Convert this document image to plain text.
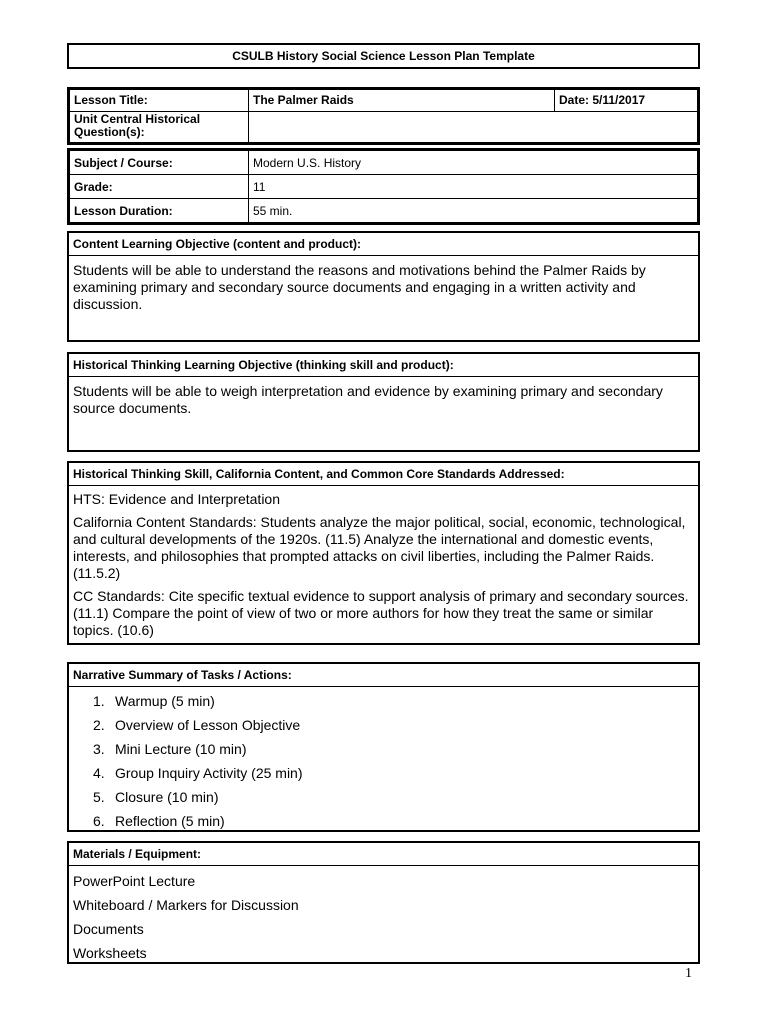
CSULB History Social Science Lesson Plan Template
Lesson Title:	The Palmer Raids	Date: 5/11/2017
Unit Central Historical Question(s):		
Subject / Course:	Modern U.S. History
Grade:	11
Lesson Duration:	55 min.
Content Learning Objective (content and product):
Students will be able to understand the reasons and motivations behind the Palmer Raids by examining primary and secondary source documents and engaging in a written activity and discussion.
Historical Thinking Learning Objective (thinking skill and product):
Students will be able to weigh interpretation and evidence by examining primary and secondary source documents.
Historical Thinking Skill, California Content, and Common Core Standards Addressed:

HTS: Evidence and Interpretation

California Content Standards: Students analyze the major political, social, economic, technological, and cultural developments of the 1920s. (11.5) Analyze the international and domestic events, interests, and philosophies that prompted attacks on civil liberties, including the Palmer Raids. (11.5.2)

CC Standards: Cite specific textual evidence to support analysis of primary and secondary sources. (11.1) Compare the point of view of two or more authors for how they treat the same or similar topics. (10.6)

Narrative Summary of Tasks / Actions:
1. Warmup (5 min)
2. Overview of Lesson Objective
3. Mini Lecture (10 min)
4. Group Inquiry Activity (25 min)
5. Closure (10 min)
6. Reflection (5 min)
Materials / Equipment:
PowerPoint Lecture
Whiteboard / Markers for Discussion
Documents
Worksheets
1
